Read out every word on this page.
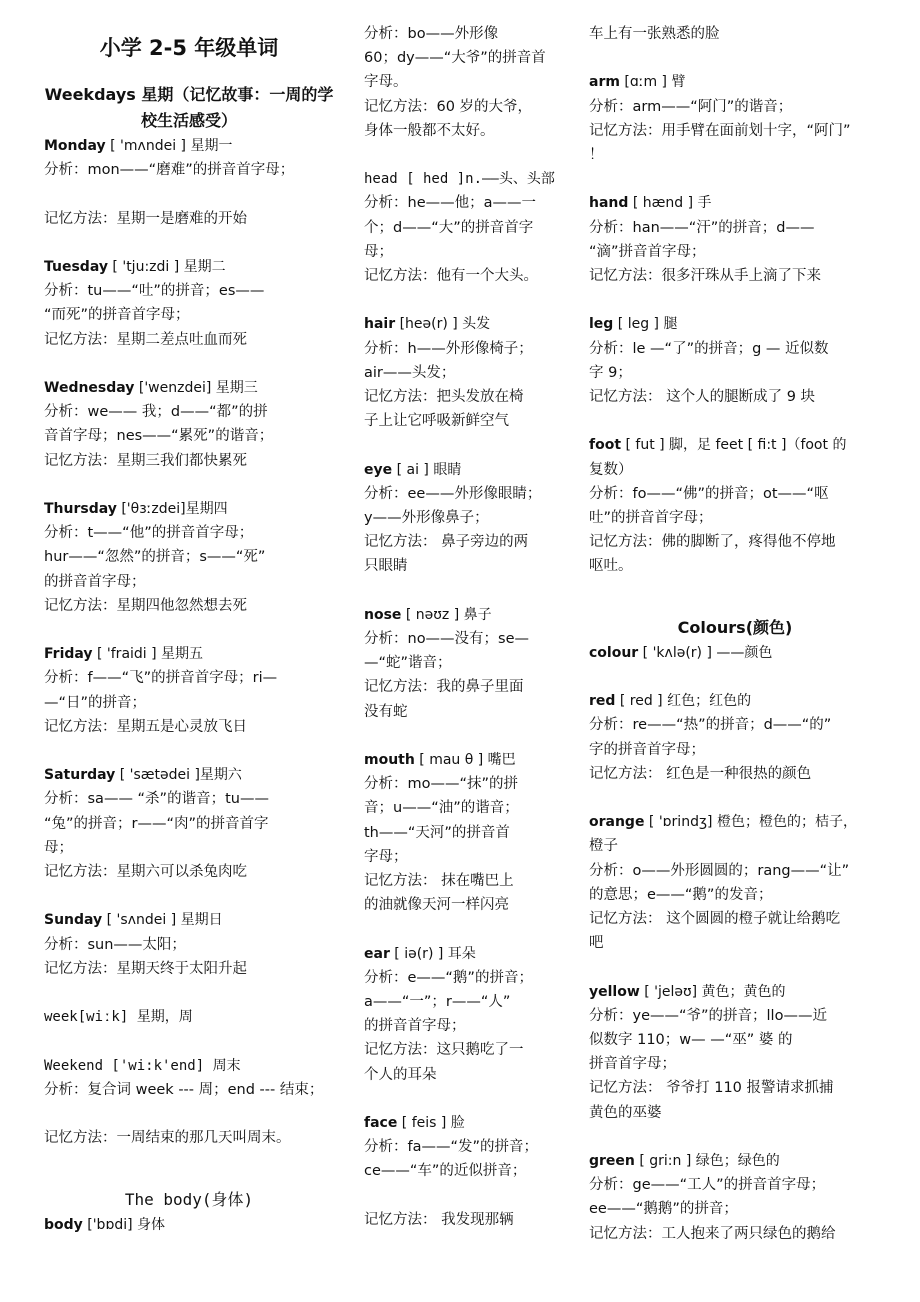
小学 2-5 年级单词
Weekdays 星期（记忆故事：一周的学校生活感受）
Monday [ 'mʌndei ] 星期一
分析：mon——“磨难”的拼音首字母；
记忆方法：星期一是磨难的开始
Tuesday [ 'tju:zdi ] 星期二
分析：tu——“吐”的拼音；es——
“而死”的拼音首字母；
记忆方法：星期二差点吐血而死
Wednesday ['wenzdei] 星期三
分析：we—— 我；d——“都”的拼
音首字母；nes——“累死”的谐音；
记忆方法：星期三我们都快累死
Thursday ['θɜːzdei]星期四
分析：t——“他”的拼音首字母；
hur——“忽然”的拼音；s——“死”
的拼音首字母；
记忆方法：星期四他忽然想去死
Friday [ 'fraidi ] 星期五
分析：f——“飞”的拼音首字母；ri—
—“日”的拼音；
记忆方法：星期五是心灵放飞日
Saturday [ 'sætədei ]星期六
分析：sa—— “杀”的谐音；tu——
“兔”的拼音；r——“肉”的拼音首字
母；
记忆方法：星期六可以杀兔肉吃
Sunday [ 'sʌndei ] 星期日
分析：sun——太阳；
记忆方法：星期天终于太阳升起
week[wiːk] 星期，周
Weekend ['wi:k'end] 周末
分析：复合词 week --- 周；end --- 结束；
记忆方法：一周结束的那几天叫周末。
The body(身体)
body ['bɒdi] 身体
分析：bo——外形像
60；dy——“大爷”的拼音首
字母。
记忆方法：60 岁的大爷，
身体一般都不太好。
head [ hed ]n.——头、头部
分析：he——他；a——一
个；d——“大”的拼音首字
母；
记忆方法：他有一个大头。
hair [heə(r) ] 头发
分析：h——外形像椅子；
air——头发；
记忆方法：把头发放在椅
子上让它呼吸新鲜空气
eye [ ai ] 眼睛
分析：ee——外形像眼睛；
y——外形像鼻子；
记忆方法： 鼻子旁边的两
只眼睛
nose [ nəʊz ] 鼻子
分析：no——没有；se—
—“蛇”谐音；
记忆方法：我的鼻子里面
没有蛇
mouth [ mau θ ] 嘴巴
分析：mo——“抹”的拼
音；u——“油”的谐音；
th——“天河”的拼音首
字母；
记忆方法： 抹在嘴巴上
的油就像天河一样闪亮
ear [ iə(r) ] 耳朵
分析：e——“鹅”的拼音；
a——“一”；r——“人”
的拼音首字母；
记忆方法：这只鹅吃了一
个人的耳朵
face [ feis ] 脸
分析：fa——“发”的拼音；
ce——“车”的近似拼音；
记忆方法： 我发现那辆
车上有一张熟悉的脸
arm [ɑːm ] 臂
分析：arm——“阿门”的谐音；
记忆方法：用手臂在面前划十字，“阿门”
！
hand [ hænd ] 手
分析：han——“汗”的拼音；d——
“滴”拼音首字母；
记忆方法：很多汗珠从手上滴了下来
leg [ leg ] 腿
分析：le —“了”的拼音；g — 近似数
字 9；
记忆方法： 这个人的腿断成了 9 块
foot [ fut ] 脚，足 feet [ fi:t ]（foot 的
复数）
分析：fo——“佛”的拼音；ot——“呕
吐”的拼音首字母；
记忆方法：佛的脚断了，疼得他不停地
呕吐。
Colours(颜色)
colour [ 'kʌlə(r) ] ——颜色
red [ red ] 红色；红色的
分析：re——“热”的拼音；d——“的”
字的拼音首字母；
记忆方法： 红色是一种很热的颜色
orange [ 'ɒrindʒ] 橙色；橙色的；桔子，
橙子
分析：o——外形圆圆的；rang——“让”
的意思；e——“鹅”的发音；
记忆方法： 这个圆圆的橙子就让给鹅吃
吧
yellow [ 'jeləʊ] 黄色；黄色的
分析：ye——“爷”的拼音；llo——近
似数字 110；w— —“巫” 婆 的
拼音首字母；
记忆方法： 爷爷打 110 报警请求抓捕
黄色的巫婆
green [ gri:n ] 绿色；绿色的
分析：ge——“工人”的拼音首字母；
ee——“鹅鹅”的拼音；
记忆方法：工人抱来了两只绿色的鹅给
